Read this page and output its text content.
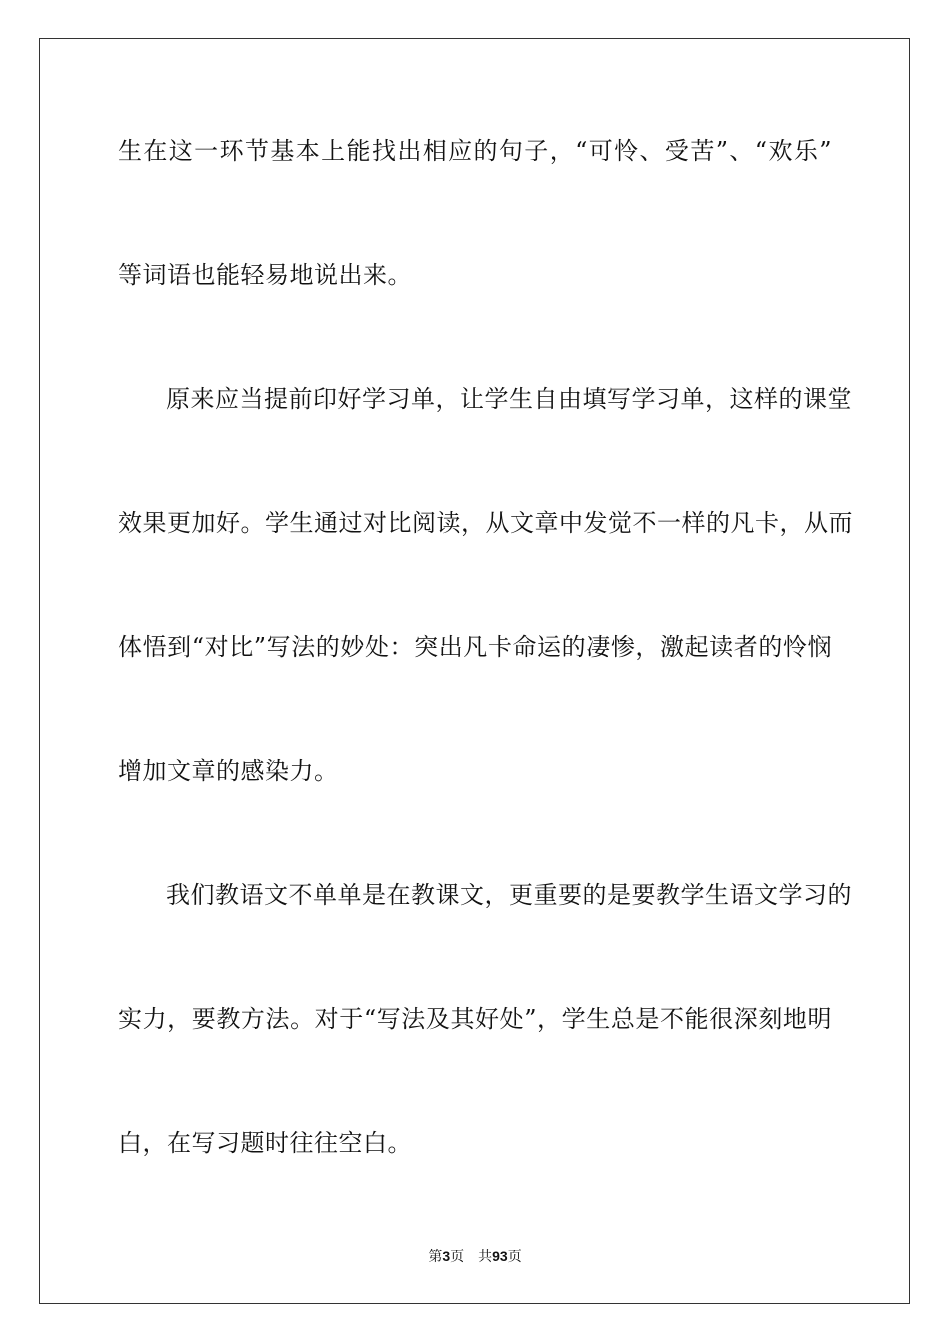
生在这一环节基本上能找出相应的句子，“可怜、受苦”、“欢乐”
等词语也能轻易地说出来。
原来应当提前印好学习单，让学生自由填写学习单，这样的课堂
效果更加好。学生通过对比阅读，从文章中发觉不一样的凡卡，从而
体悟到“对比”写法的妙处：突出凡卡命运的凄惨，激起读者的怜悯
增加文章的感染力。
我们教语文不单单是在教课文，更重要的是要教学生语文学习的
实力，要教方法。对于“写法及其好处”，学生总是不能很深刻地明
白，在写习题时往往空白。
第3页 共93页
